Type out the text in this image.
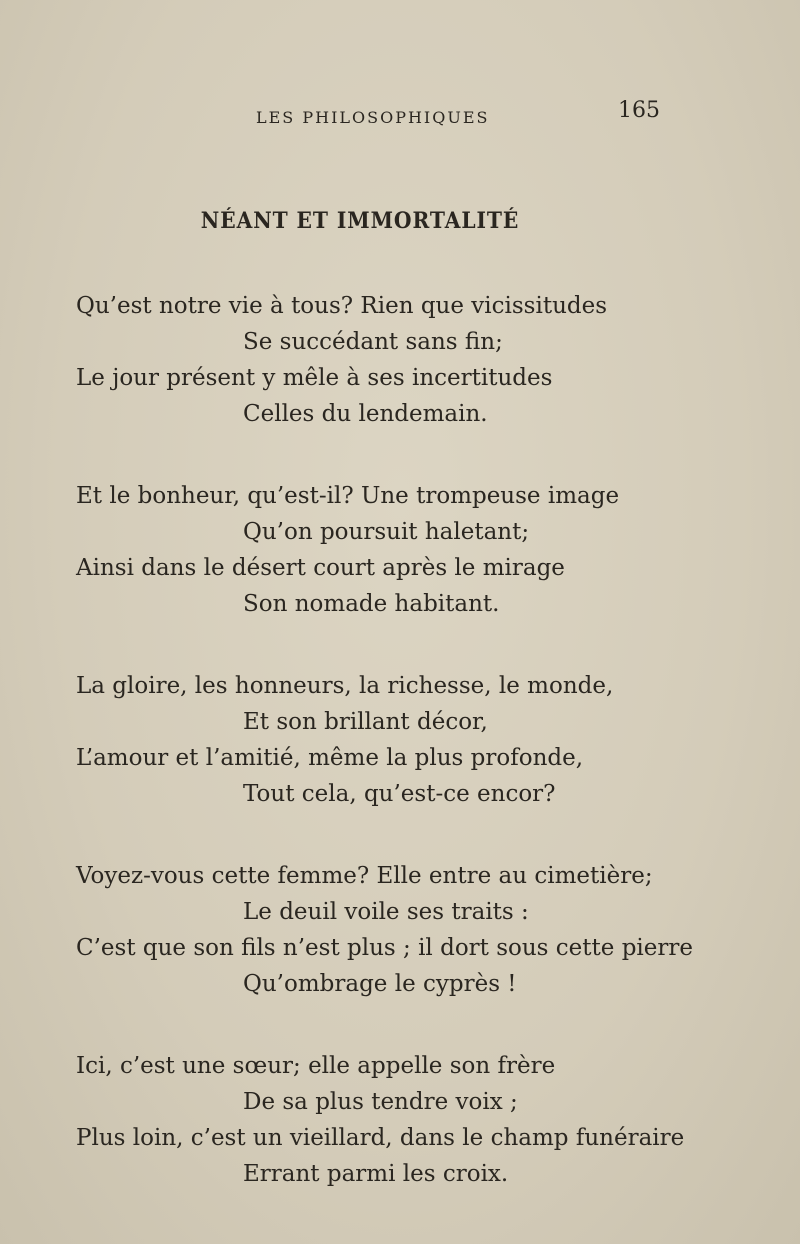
LES PHILOSOPHIQUES	165
NÉANT ET IMMORTALITÉ
Qu’est notre vie à tous? Rien que vicissitudes
Se succédant sans fin;
Le jour présent y mêle à ses incertitudes
Celles du lendemain.
Et le bonheur, qu’est-il? Une trompeuse image
Qu’on poursuit haletant;
Ainsi dans le désert court après le mirage
Son nomade habitant.
La gloire, les honneurs, la richesse, le monde,
Et son brillant décor,
L’amour et l’amitié, même la plus profonde,
Tout cela, qu’est-ce encor?
Voyez-vous cette femme? Elle entre au cimetière;
Le deuil voile ses traits :
C’est que son fils n’est plus ; il dort sous cette pierre
Qu’ombrage le cyprès !
Ici, c’est une sœur; elle appelle son frère
De sa plus tendre voix ;
Plus loin, c’est un vieillard, dans le champ funéraire
Errant parmi les croix.
